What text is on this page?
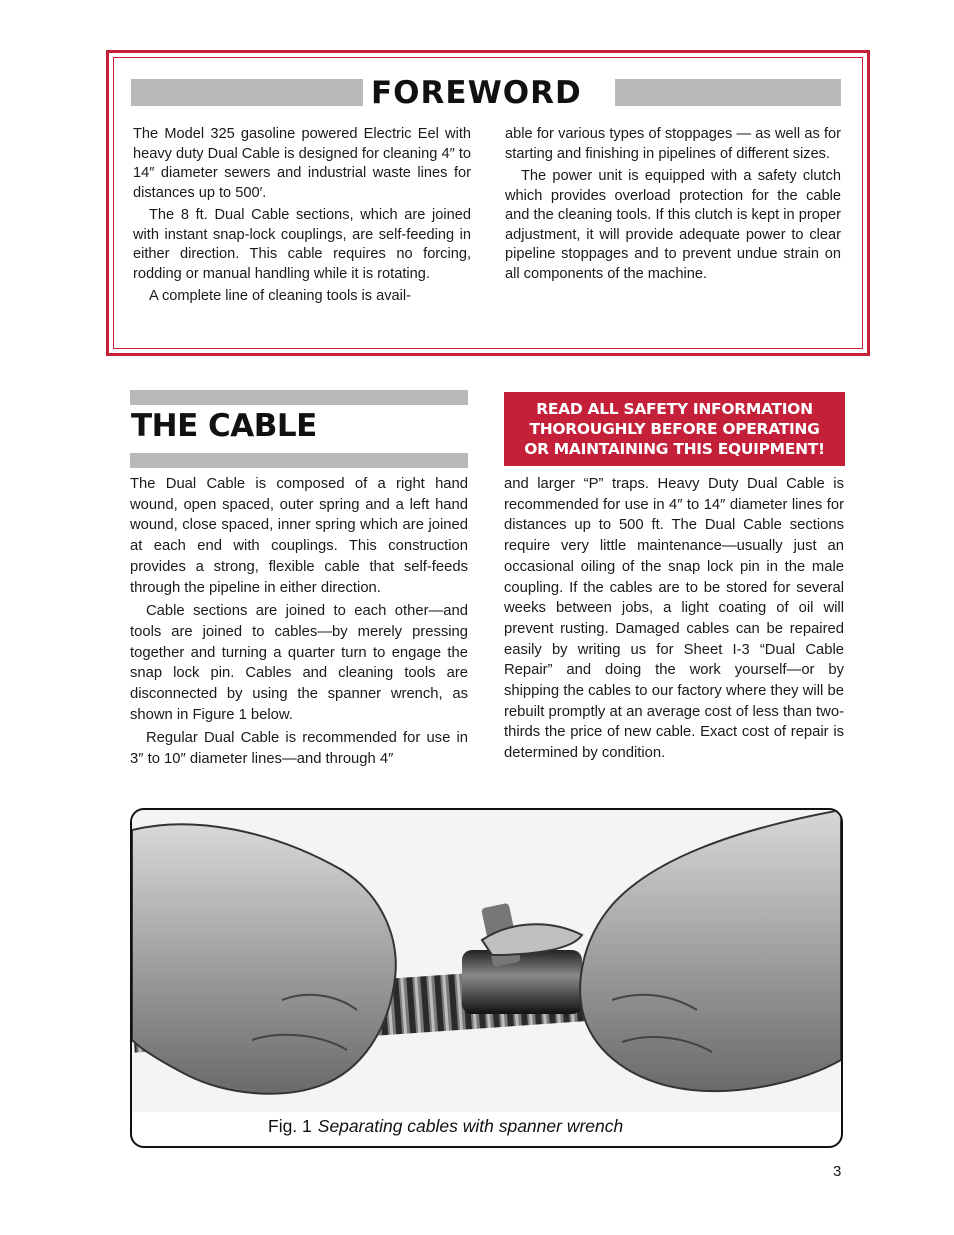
FOREWORD

The Model 325 gasoline powered Electric Eel with heavy duty Dual Cable is designed for cleaning 4″ to 14″ diameter sewers and industrial waste lines for distances up to 500′.

The 8 ft. Dual Cable sections, which are joined with instant snap-lock couplings, are self-feeding in either direction. This cable requires no forcing, rodding or manual handling while it is rotating.

A complete line of cleaning tools is avail-

able for various types of stoppages — as well as for starting and finishing in pipelines of different sizes.

The power unit is equipped with a safety clutch which provides overload protection for the cable and the cleaning tools. If this clutch is kept in proper adjustment, it will provide adequate power to clear pipeline stoppages and to prevent undue strain on all components of the machine.

THE CABLE	READ ALL SAFETY INFORMATION
THOROUGHLY BEFORE OPERATING
OR MAINTAINING THIS EQUIPMENT!

The Dual Cable is composed of a right hand wound, open spaced, outer spring and a left hand wound, close spaced, inner spring which are joined at each end with couplings. This construction provides a strong, flexible cable that self-feeds through the pipeline in either direction.

Cable sections are joined to each other—and tools are joined to cables—by merely pressing together and turning a quarter turn to engage the snap lock pin. Cables and cleaning tools are disconnected by using the spanner wrench, as shown in Figure 1 below.

Regular Dual Cable is recommended for use in 3″ to 10″ diameter lines—and through 4″

and larger “P” traps. Heavy Duty Dual Cable is recommended for use in 4″ to 14″ diameter lines for distances up to 500 ft. The Dual Cable sections require very little maintenance—usually just an occasional oiling of the snap lock pin in the male coupling. If the cables are to be stored for several weeks between jobs, a light coating of oil will prevent rusting. Damaged cables can be repaired easily by writing us for Sheet I-3 “Dual Cable Repair” and doing the work yourself—or by shipping the cables to our factory where they will be rebuilt promptly at an average cost of less than two-thirds the price of new cable. Exact cost of repair is determined by condition.

Fig. 1 Separating cables with spanner wrench
3
